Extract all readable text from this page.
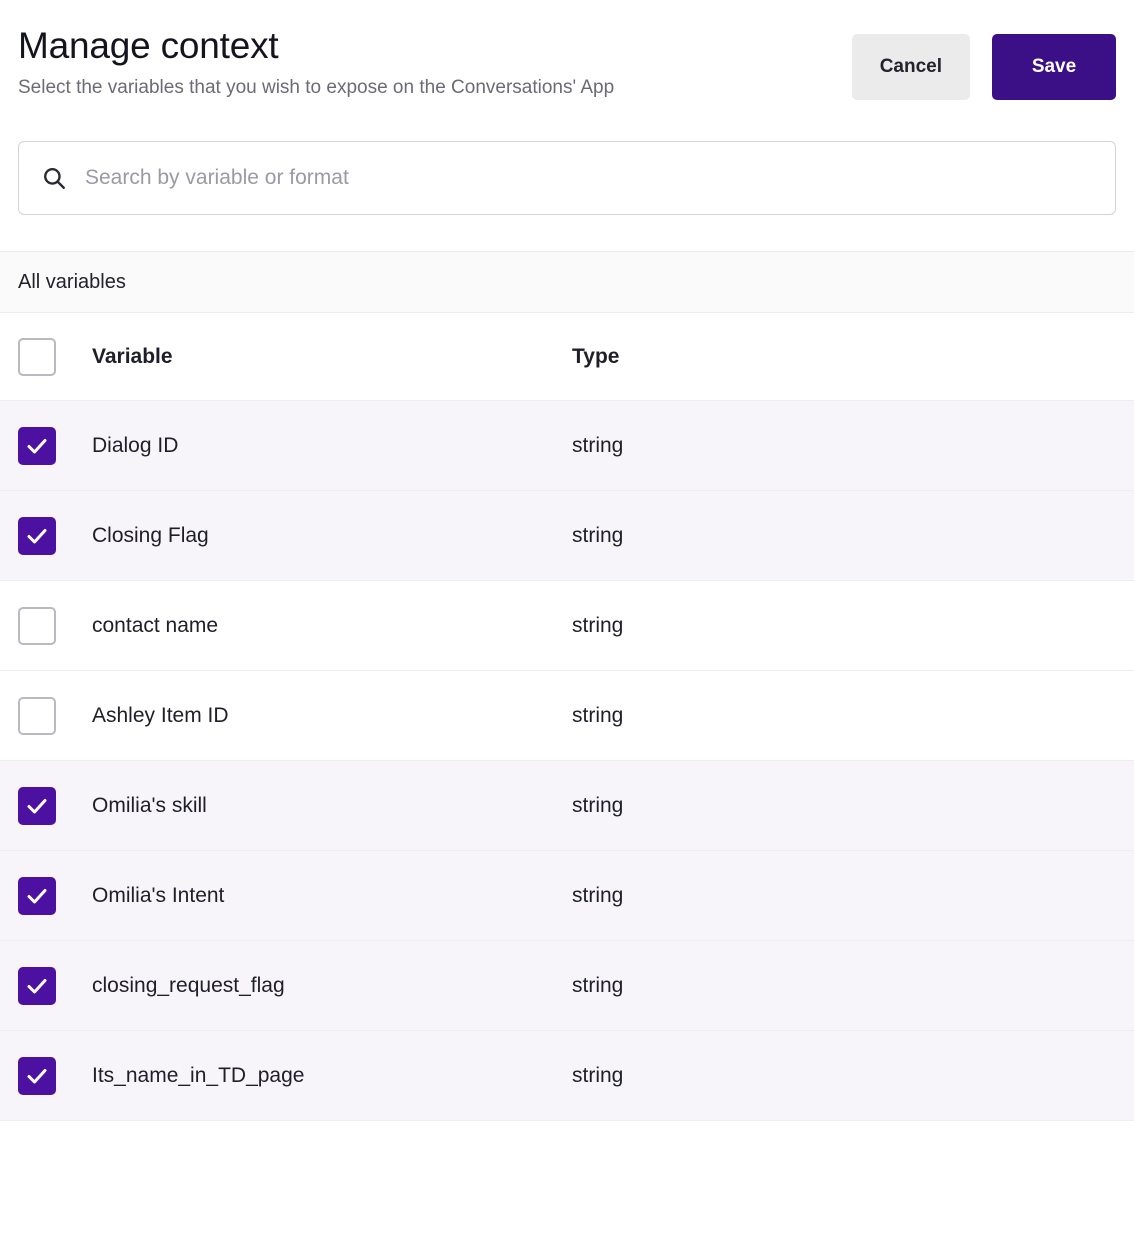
Manage context

Select the variables that you wish to expose on the Conversations' App

Cancel	Save
Search by variable or format
All variables
Variable	Type
Dialog ID	string
Closing Flag	string
contact name	string
Ashley Item ID	string
Omilia's skill	string
Omilia's Intent	string
closing_request_flag	string
Its_name_in_TD_page	string
